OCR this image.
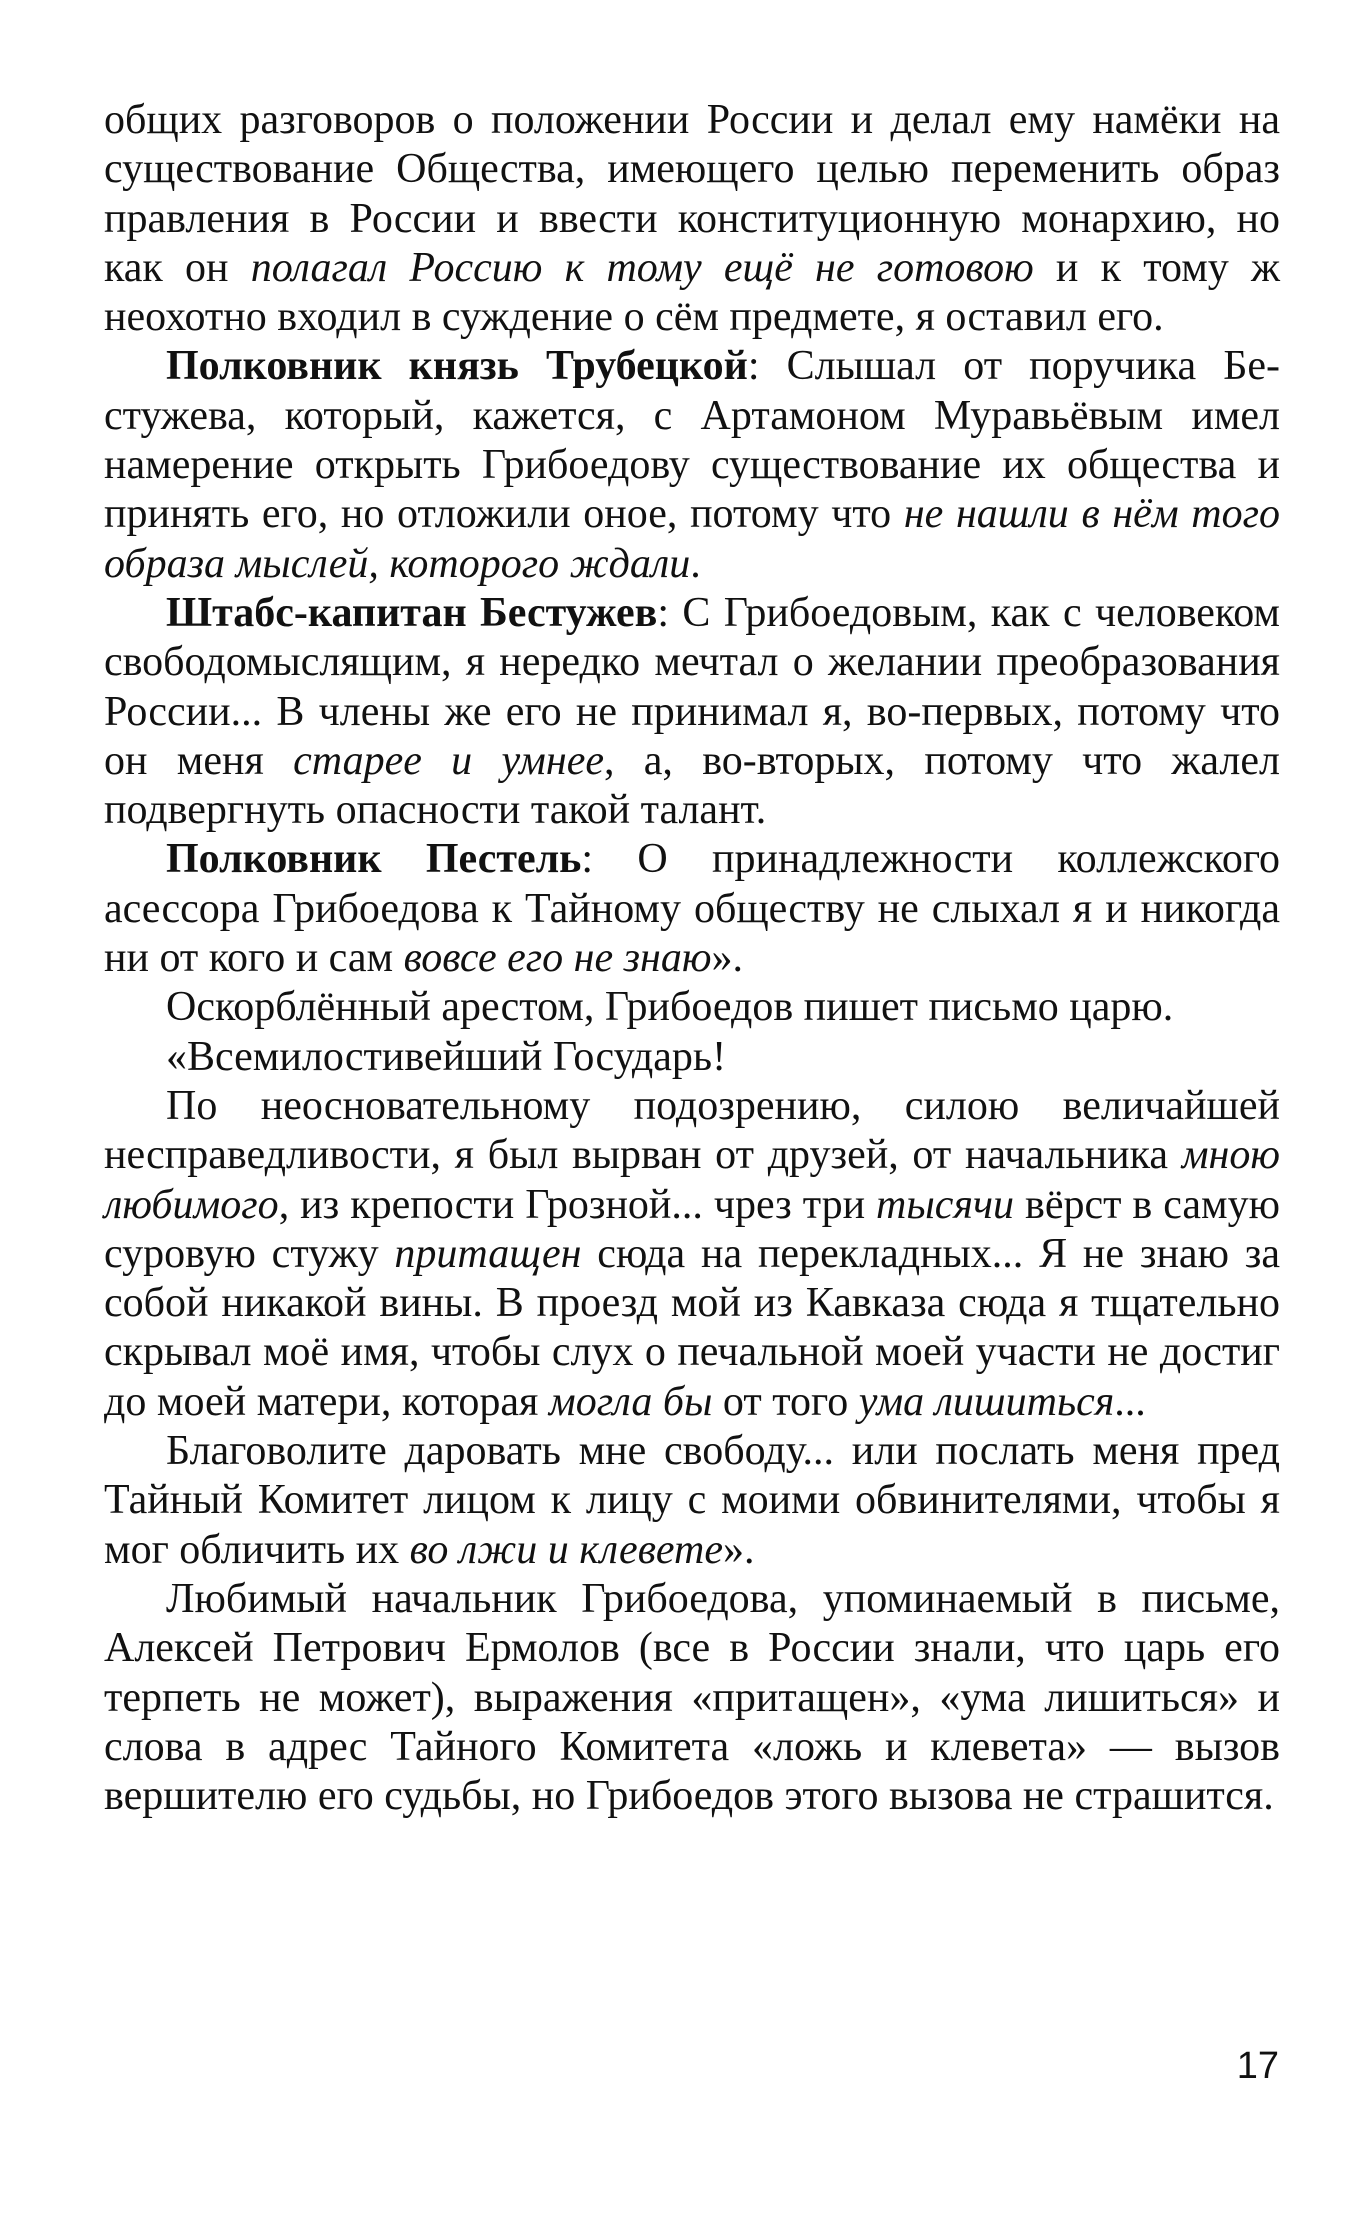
общих разговоров о положении России и делал ему намёки на существование Общества, имеющего целью переменить образ правления в России и ввести конституционную монархию, но как он полагал Россию к тому ещё не готовою и к тому ж неохотно входил в суждение о сём предмете, я оставил его.

Полковник князь Трубецкой: Слышал от поручика Бестужева, который, кажется, с Артамоном Муравьёвым имел намерение открыть Грибоедову существование их общества и принять его, но отложили оное, потому что не нашли в нём того образа мыслей, которого ждали.

Штабс-капитан Бестужев: С Грибоедовым, как с человеком свободомыслящим, я нередко мечтал о желании преобразования России... В члены же его не принимал я, во-первых, потому что он меня старее и умнее, а, во-вторых, потому что жалел подвергнуть опасности такой талант.

Полковник Пестель: О принадлежности коллежского асессора Грибоедова к Тайному обществу не слыхал я и никогда ни от кого и сам вовсе его не знаю».

Оскорблённый арестом, Грибоедов пишет письмо царю.

«Всемилостивейший Государь!

По неосновательному подозрению, силою величайшей несправедливости, я был вырван от друзей, от начальника мною любимого, из крепости Грозной... чрез три тысячи вёрст в самую суровую стужу притащен сюда на перекладных... Я не знаю за собой никакой вины. В проезд мой из Кавказа сюда я тщательно скрывал моё имя, чтобы слух о печальной моей участи не достиг до моей матери, которая могла бы от того ума лишиться...

Благоволите даровать мне свободу... или послать меня пред Тайный Комитет лицом к лицу с моими обвинителями, чтобы я мог обличить их во лжи и клевете».

Любимый начальник Грибоедова, упоминаемый в письме, Алексей Петрович Ермолов (все в России знали, что царь его терпеть не может), выражения «притащен», «ума лишиться» и слова в адрес Тайного Комитета «ложь и клевета» — вызов вершителю его судьбы, но Грибоедов этого вызова не страшится.

17
